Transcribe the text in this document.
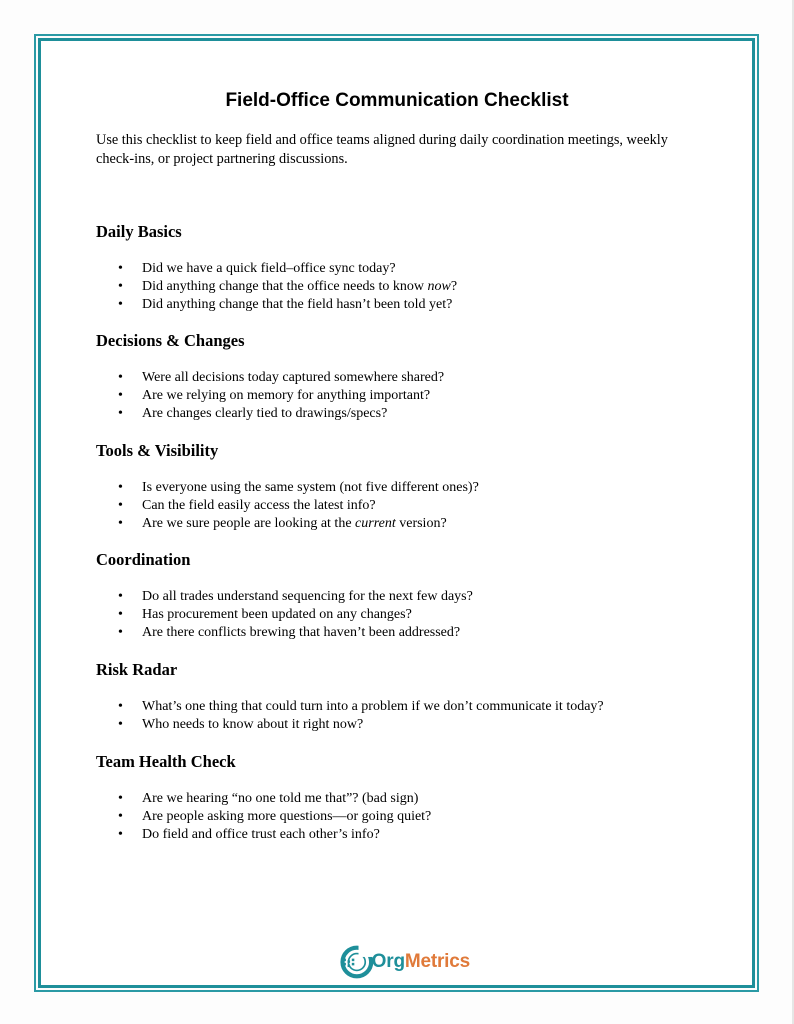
Field-Office Communication Checklist

Use this checklist to keep field and office teams aligned during daily coordination meetings, weekly check-ins, or project partnering discussions.

Daily Basics
• Did we have a quick field–office sync today?
• Did anything change that the office needs to know now?
• Did anything change that the field hasn’t been told yet?
Decisions & Changes
• Were all decisions today captured somewhere shared?
• Are we relying on memory for anything important?
• Are changes clearly tied to drawings/specs?
Tools & Visibility
• Is everyone using the same system (not five different ones)?
• Can the field easily access the latest info?
• Are we sure people are looking at the current version?
Coordination
• Do all trades understand sequencing for the next few days?
• Has procurement been updated on any changes?
• Are there conflicts brewing that haven’t been addressed?
Risk Radar
• What’s one thing that could turn into a problem if we don’t communicate it today?
• Who needs to know about it right now?
Team Health Check
• Are we hearing “no one told me that”? (bad sign)
• Are people asking more questions—or going quiet?
• Do field and office trust each other’s info?
OrgMetrics
